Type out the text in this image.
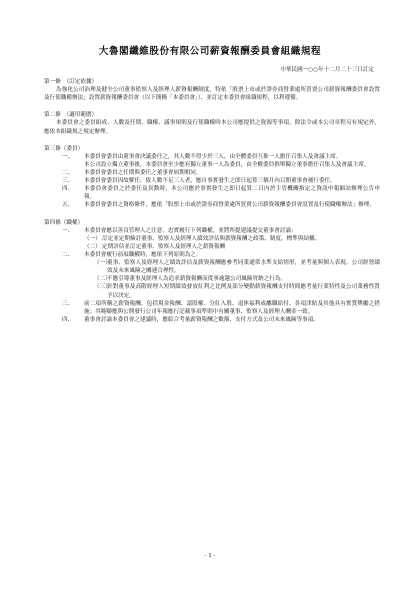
大魯閣纖維股份有限公司薪資報酬委員會組織規程
中華民國一○○年十二月二十三日訂定
第一條　（訂定依據）
為強化公司治理及健全公司董事監察人及經理人薪資報酬制度，特依「股票上市或於證券商營業處所買賣公司薪資報酬委員會設置及行使職權辦法」設置薪資報酬委員會（以下簡稱「本委員會」）、並訂定本委員會組織規程，以利遵循。
第二條　（適用範圍）
本委員會之委員組成、人數及任期、職權、議事規則及行使職權時本公司應提供之資源等事項，除法令或本公司章程另有規定外，應依本組織規之規定辦理。
第三條（委員）
一、	本委員會委員由董事會決議委任之，其人數不得少於三人，由全體委員互推一人擔任召集人及會議主席。
本公司設立獨立董事後，本委員會至少應有獨立董事一人為委員，由全權委員推舉獨立董事擔任召集人及會議主席。
二、	本委員會委員之任期與委任之董事會屆期相同。
三、	本委員會委員因故解任，致人數不足三人者，應自事實發生之即日起算三個月內召開董事會補行委任。
四、	本委員會委員之於委任及異動時，本公司應於事實發生之即日起算二日內於主管機關指定之資訊申報網站辦理公告申報。
五、	本委員會委員之資格條件，應依「股票上市或於證券商營業處所買賣公司薪資報酬委員會設置及行使職權辦法」辦理。
第四條（職權）
一、	本委員會應以善良管理人之注意，忠實履行下列職權，並將所提建議提交董事會討論：
（一） 訂定並定期檢討董事、監察人及經理人績效評估與薪資報酬之政策、制度、標準與結構。
（二） 定期評估並訂定董事、監察人及經理人之薪資報酬
二、	本委員會履行前項職權時，應依下列原則為之：
（一）
董事、監察人及經理人之績效評估及薪資報酬應參考同業通常水準支給情形，並考量與個人表現、公司經營績效及未來風險之關連合理性。
（二）
不應引導董事及經理人為追求薪資報酬而從事逾越公司風險胃納之行為。
（三）
針對董事及高階經理人短期績效發放紅利之比例及部分變動薪資報酬支付時間應考量行業特性及公司業務性質予以決定。
三、	前二項所稱之薪資報酬，包括現金報酬、認股權、分紅入股、退休福利或離職給付、各項津貼及其他具有實質獎勵之措施；其範疇應與公開發行公司年報應行記載事項準則中有關董事、監察人及經理人酬金一致。
四、	董事會討論本委員會之建議時，應綜合考量薪資報酬之數額、支付方式及公司未來風險等事項。
- 1 -
